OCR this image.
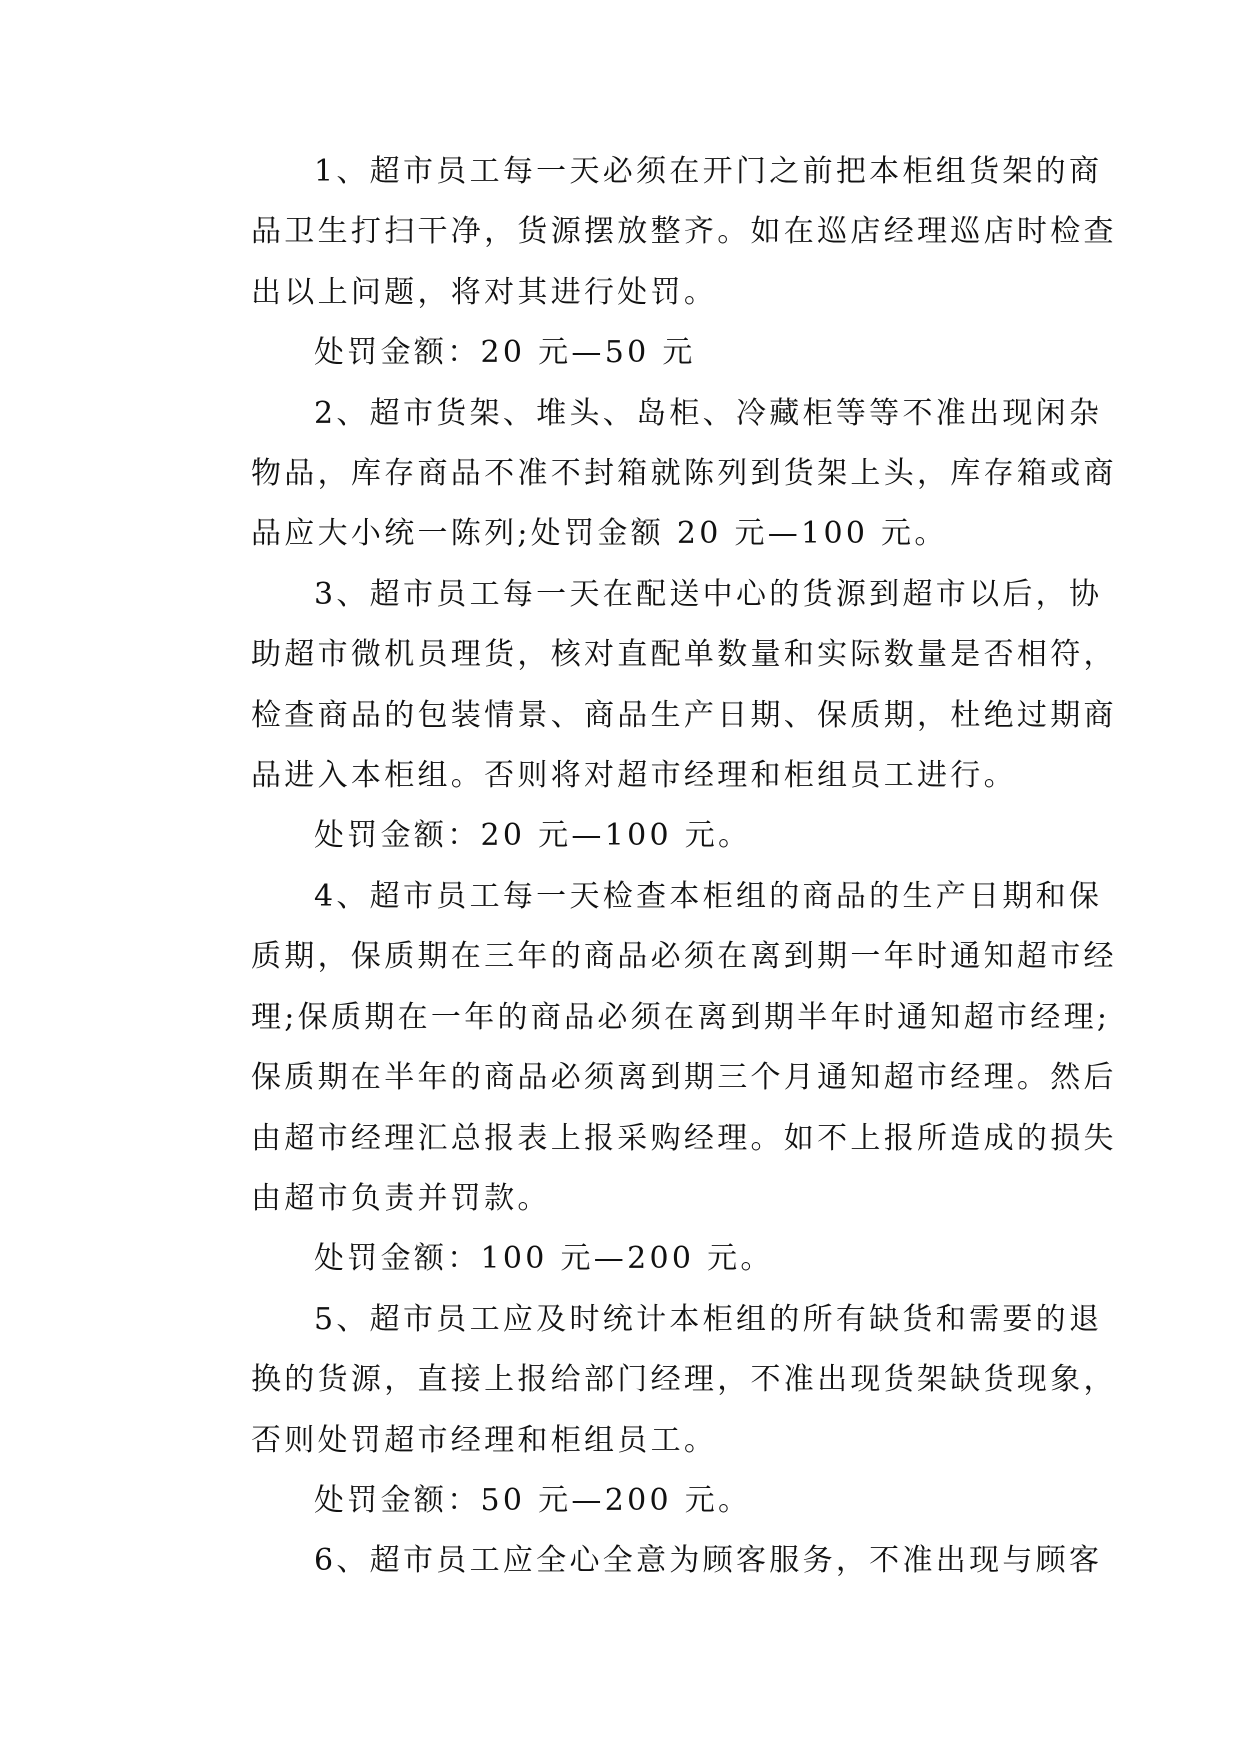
1、超市员工每一天必须在开门之前把本柜组货架的商
品卫生打扫干净，货源摆放整齐。如在巡店经理巡店时检查
出以上问题，将对其进行处罚。
处罚金额：20 元—50 元
2、超市货架、堆头、岛柜、冷藏柜等等不准出现闲杂
物品，库存商品不准不封箱就陈列到货架上头，库存箱或商
品应大小统一陈列;处罚金额 20 元—100 元。
3、超市员工每一天在配送中心的货源到超市以后，协
助超市微机员理货，核对直配单数量和实际数量是否相符，
检查商品的包装情景、商品生产日期、保质期，杜绝过期商
品进入本柜组。否则将对超市经理和柜组员工进行。
处罚金额：20 元—100 元。
4、超市员工每一天检查本柜组的商品的生产日期和保
质期，保质期在三年的商品必须在离到期一年时通知超市经
理;保质期在一年的商品必须在离到期半年时通知超市经理;
保质期在半年的商品必须离到期三个月通知超市经理。然后
由超市经理汇总报表上报采购经理。如不上报所造成的损失
由超市负责并罚款。
处罚金额：100 元—200 元。
5、超市员工应及时统计本柜组的所有缺货和需要的退
换的货源，直接上报给部门经理，不准出现货架缺货现象，
否则处罚超市经理和柜组员工。
处罚金额：50 元—200 元。
6、超市员工应全心全意为顾客服务，不准出现与顾客
